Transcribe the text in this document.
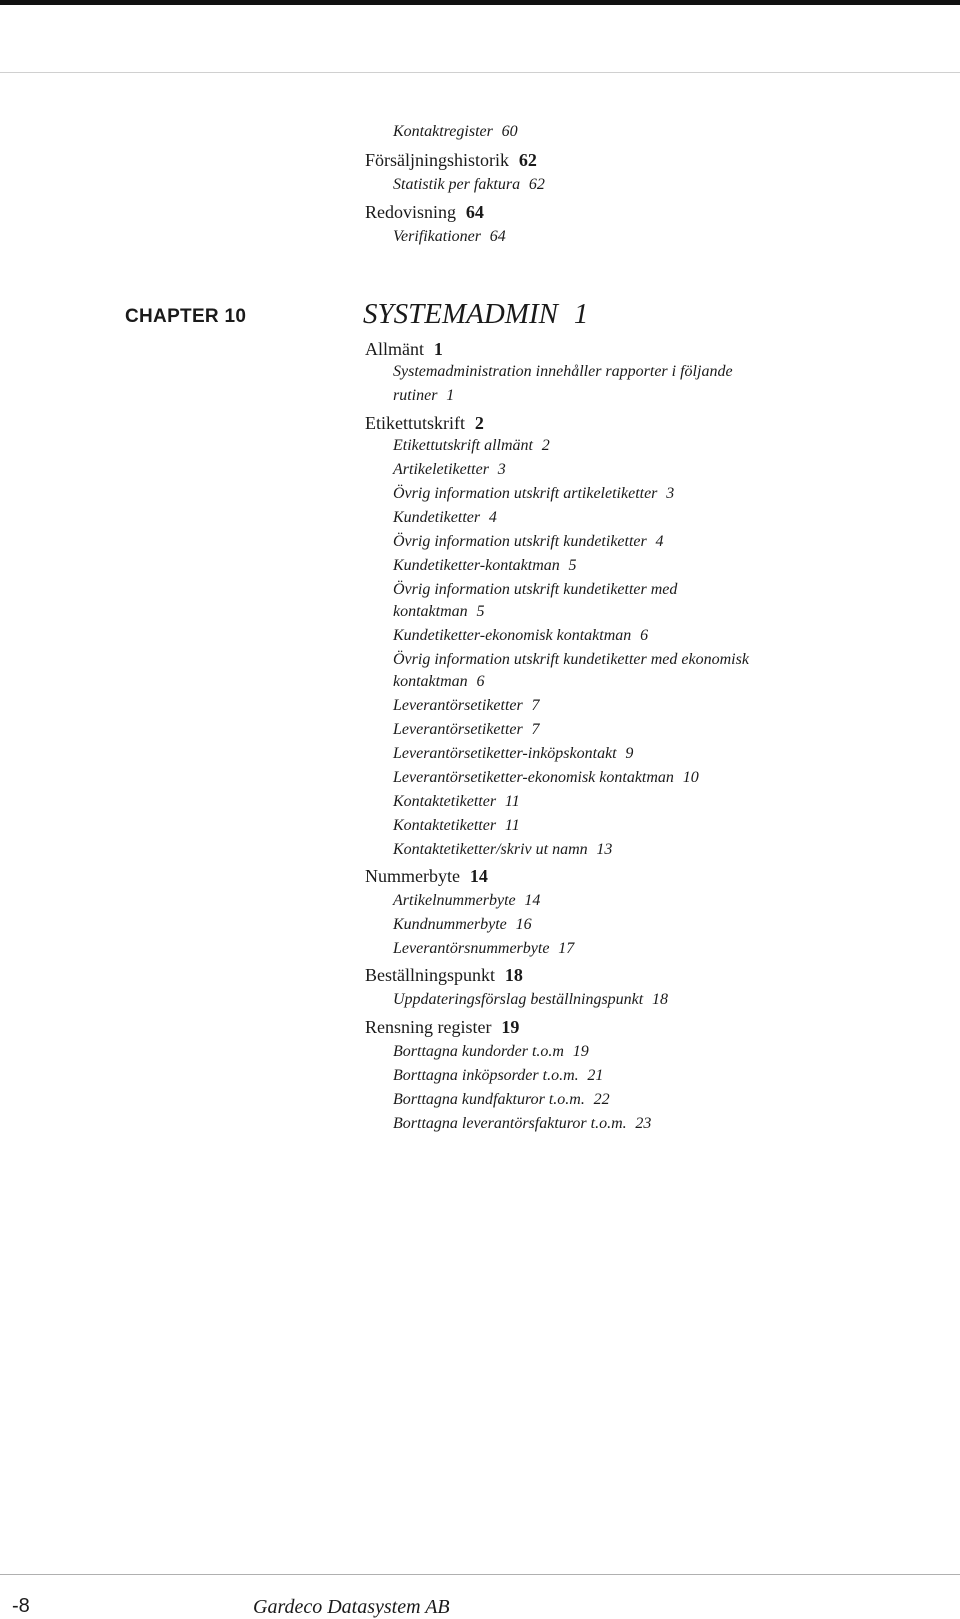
Kontaktregister 60
Försäljningshistorik 62
Statistik per faktura 62
Redovisning 64
Verifikationer 64
CHAPTER 10	SYSTEMADMIN 1
Allmänt 1
Systemadministration innehåller rapporter i följande
rutiner 1
Etikettutskrift 2
Etikettutskrift allmänt 2
Artikeletiketter 3
Övrig information utskrift artikeletiketter 3
Kundetiketter 4
Övrig information utskrift kundetiketter 4
Kundetiketter-kontaktman 5
Övrig information utskrift kundetiketter med
kontaktman 5
Kundetiketter-ekonomisk kontaktman 6
Övrig information utskrift kundetiketter med ekonomisk
kontaktman 6
Leverantörsetiketter 7
Leverantörsetiketter 7
Leverantörsetiketter-inköpskontakt 9
Leverantörsetiketter-ekonomisk kontaktman 10
Kontaktetiketter 11
Kontaktetiketter 11
Kontaktetiketter/skriv ut namn 13
Nummerbyte 14
Artikelnummerbyte 14
Kundnummerbyte 16
Leverantörsnummerbyte 17
Beställningspunkt 18
Uppdateringsförslag beställningspunkt 18
Rensning register 19
Borttagna kundorder t.o.m 19
Borttagna inköpsorder t.o.m. 21
Borttagna kundfakturor t.o.m. 22
Borttagna leverantörsfakturor t.o.m. 23
-8	Gardeco Datasystem AB
